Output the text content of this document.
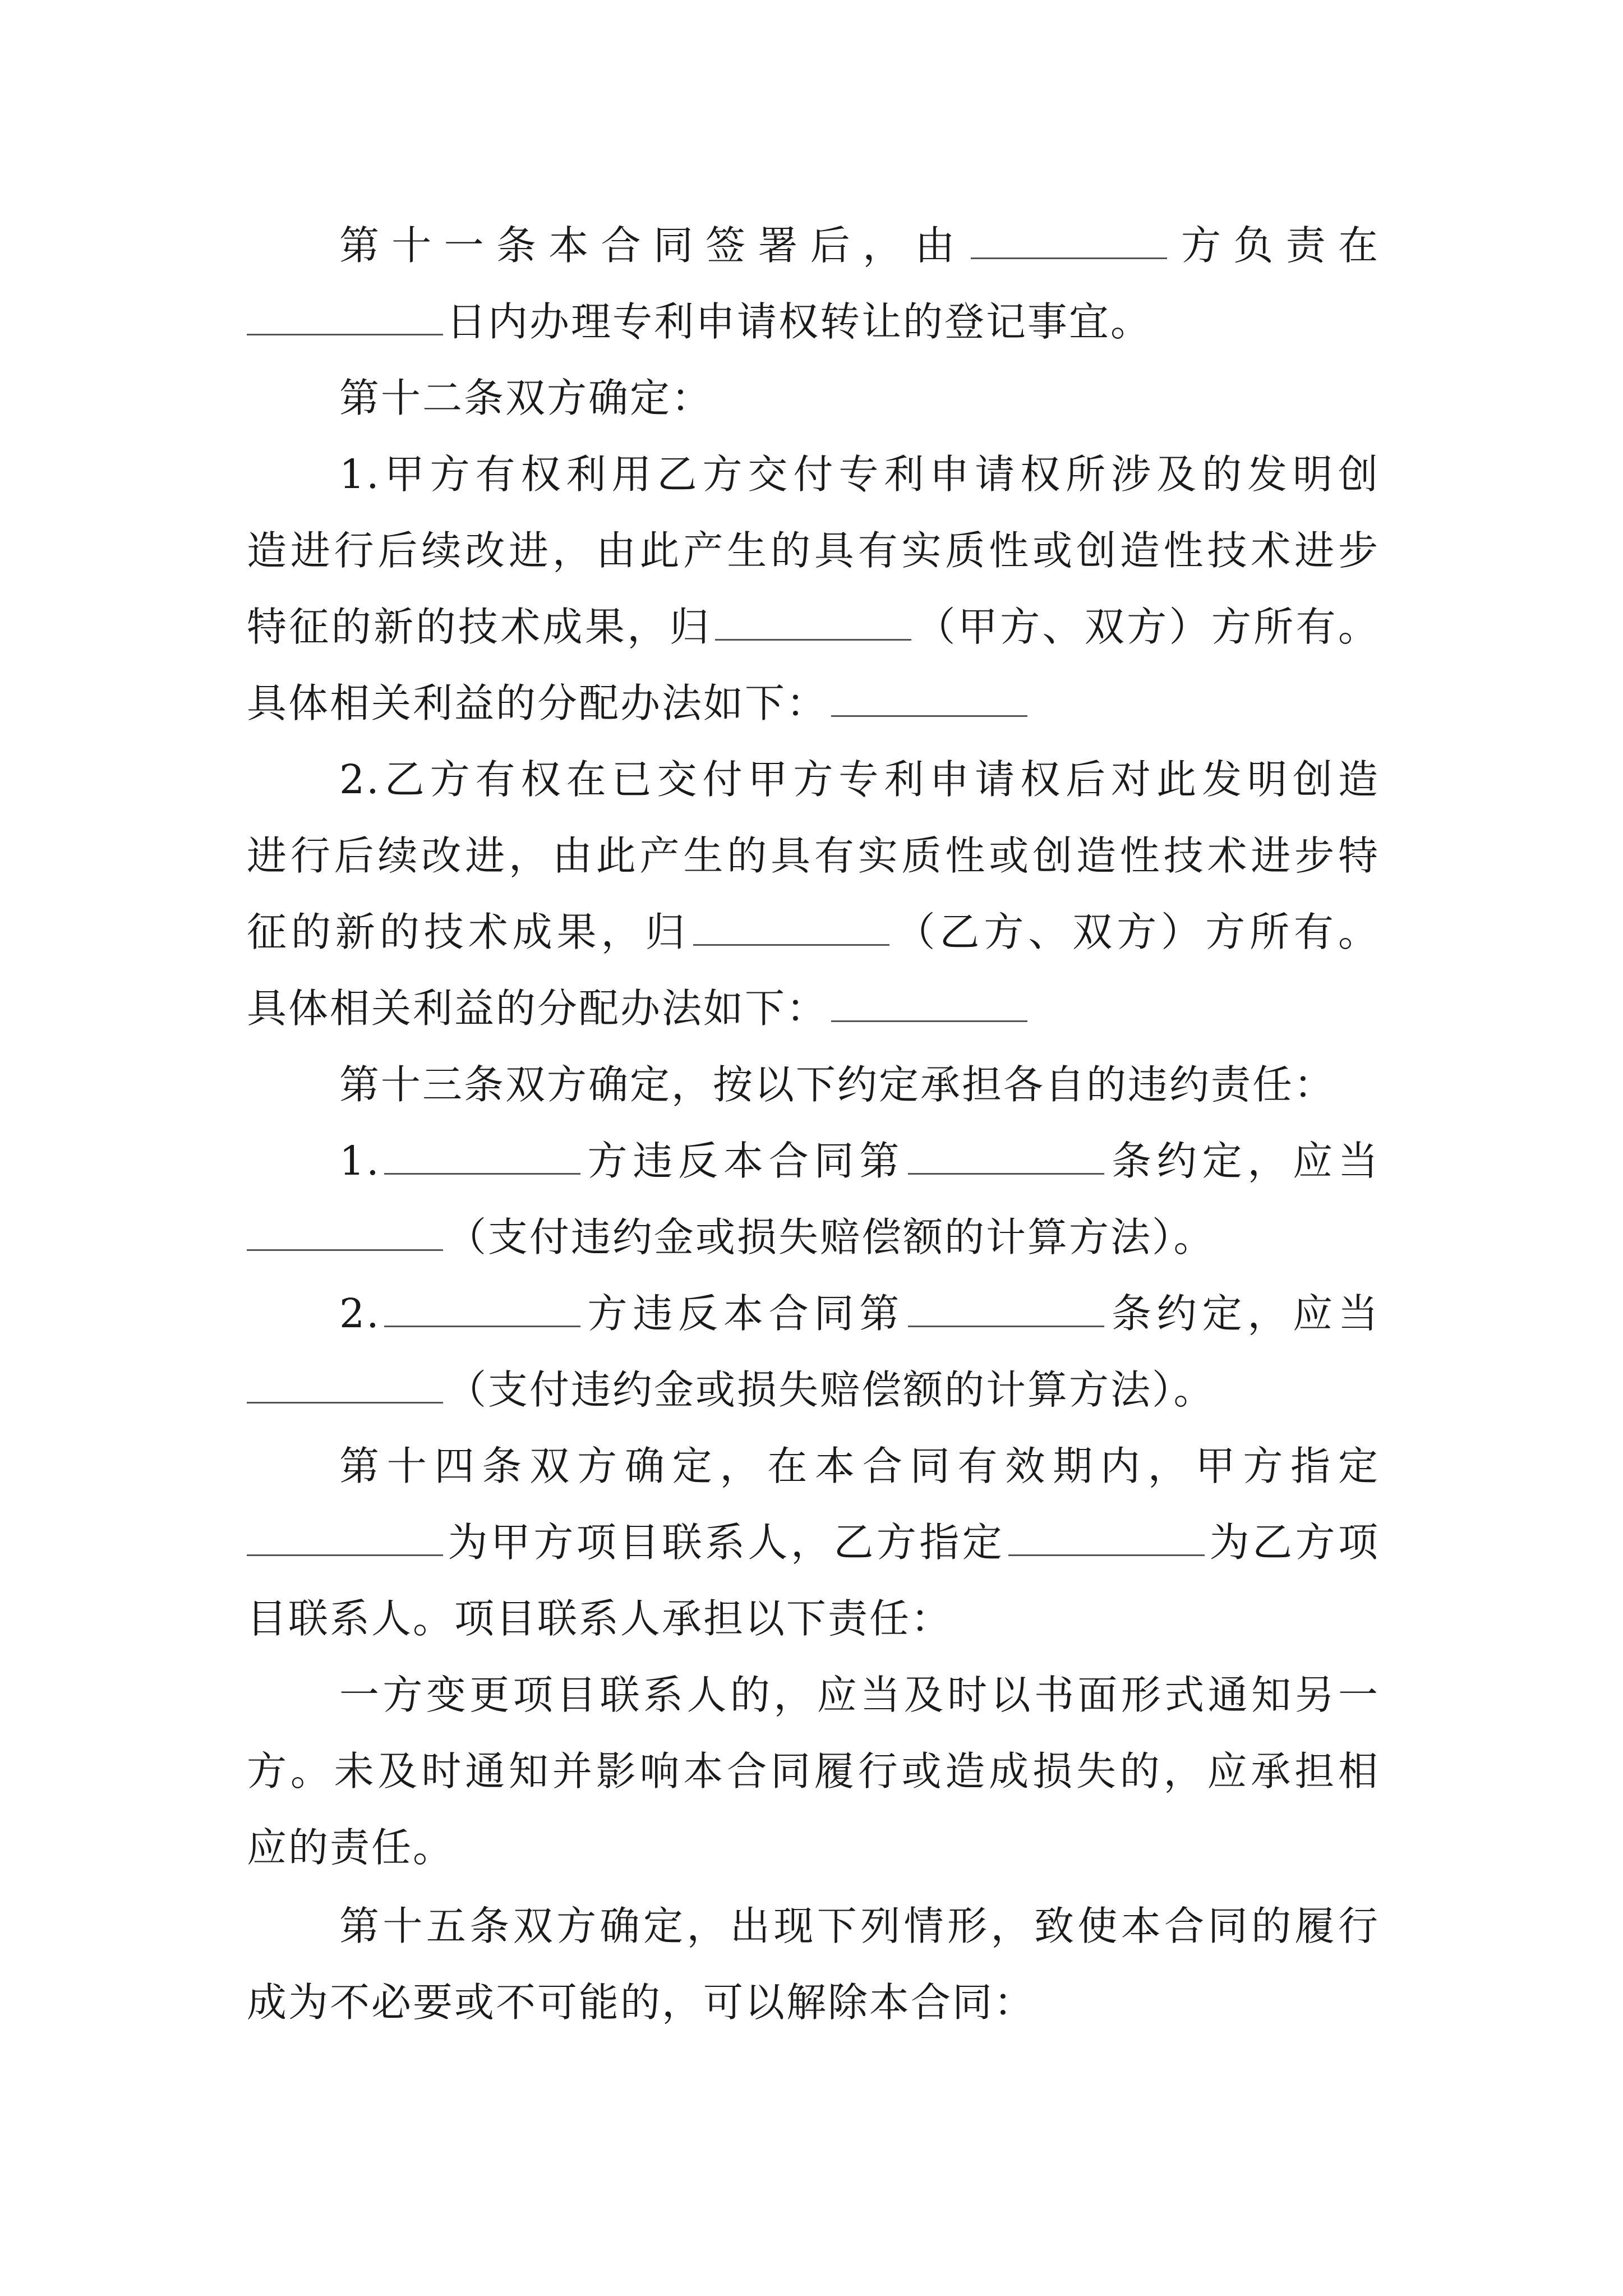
第十一条本合同签署后，由	方负责在
日内办理专利申请权转让的登记事宜。
第十二条双方确定：
1.甲方有权利用乙方交付专利申请权所涉及的发明创
造进行后续改进，由此产生的具有实质性或创造性技术进步
特征的新的技术成果，归	（甲方、双方）方所有。
具体相关利益的分配办法如下：
2.乙方有权在已交付甲方专利申请权后对此发明创造
进行后续改进，由此产生的具有实质性或创造性技术进步特
征的新的技术成果，归	（乙方、双方）方所有。
具体相关利益的分配办法如下：
第十三条双方确定，按以下约定承担各自的违约责任：
1.	方违反本合同第	条约定，应当
（支付违约金或损失赔偿额的计算方法）。
2.	方违反本合同第	条约定，应当
（支付违约金或损失赔偿额的计算方法）。
第十四条双方确定，在本合同有效期内，甲方指定
为甲方项目联系人，乙方指定	为乙方项
目联系人。项目联系人承担以下责任：
一方变更项目联系人的，应当及时以书面形式通知另一
方。未及时通知并影响本合同履行或造成损失的，应承担相
应的责任。
第十五条双方确定，出现下列情形，致使本合同的履行
成为不必要或不可能的，可以解除本合同：
